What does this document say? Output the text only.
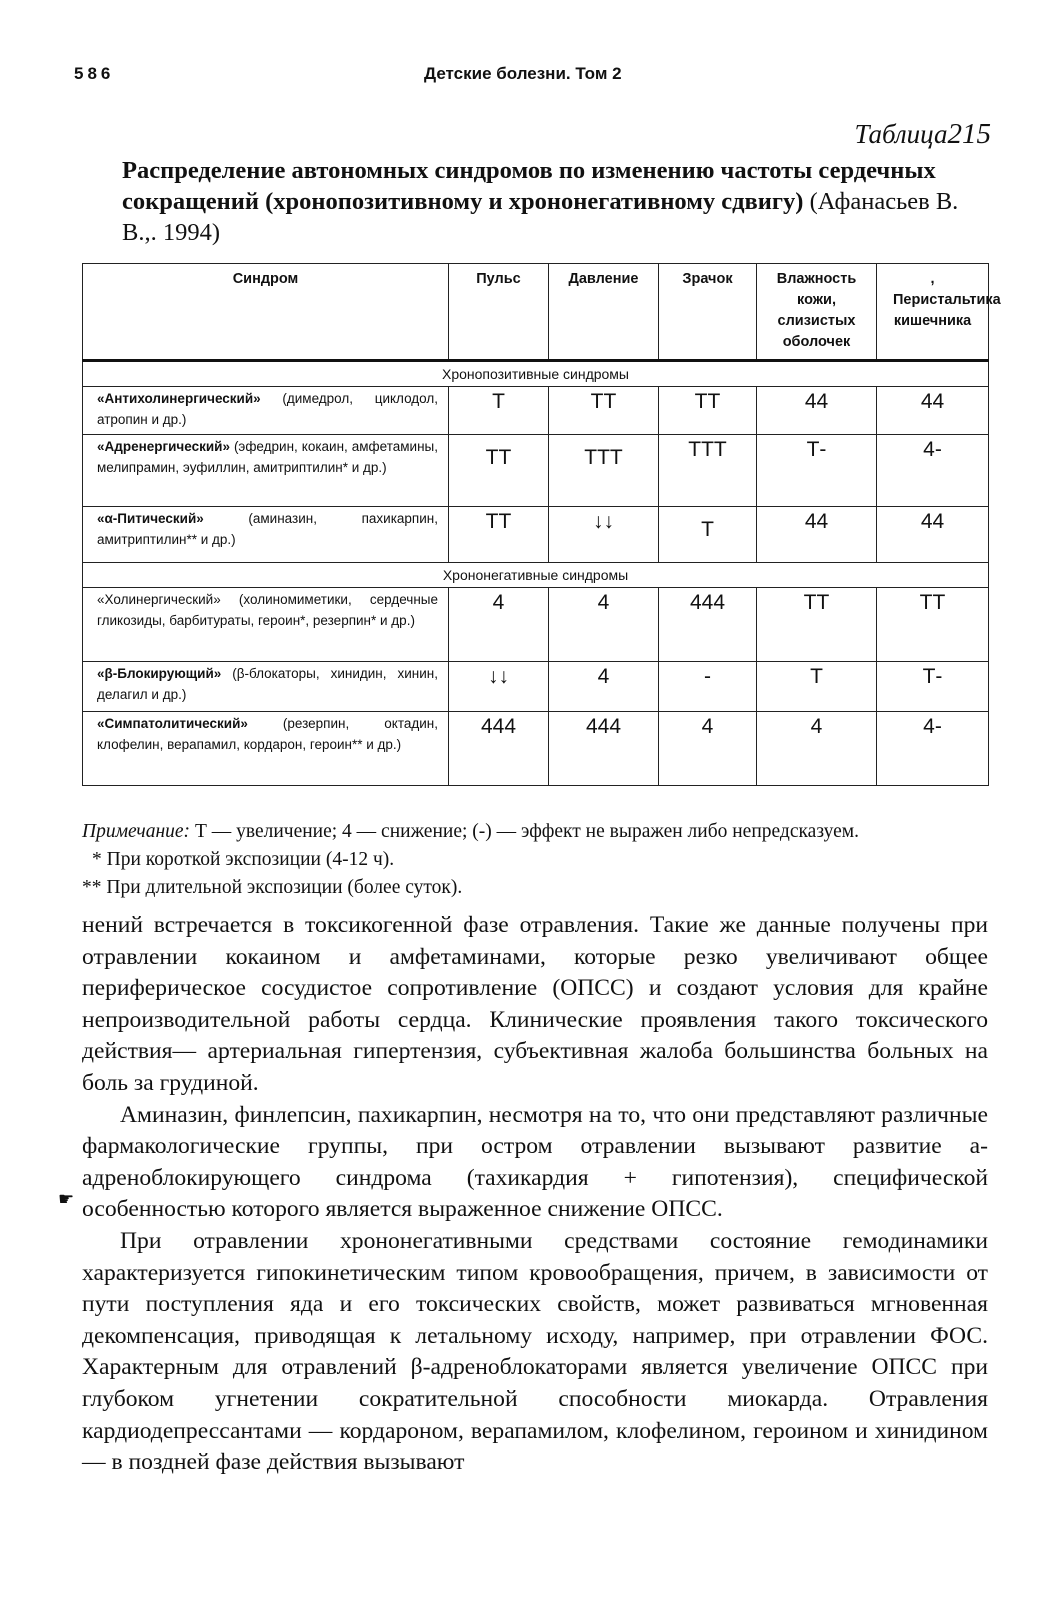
586	Детские болезни. Том 2
Таблица215
Распределение автономных синдромов по изменению частоты сердечных сокращений (хронопозитивному и хрононегативному сдвигу) (Афанасьев В. В.,. 1994)
Синдром	Пульс	Давление	Зрачок	Влажность кожи, слизистых оболочек	, Перистальтика кишечника
Хронопозитивные синдромы					
«Антихолинергический» (димедрол, циклодол, атропин и др.)	Т	ТТ	ТТ	44	44
«Адренергический» (эфедрин, кокаин, амфетамины, мелипрамин, эуфиллин, амитриптилин* и др.)	ТТ	ТТТ	ТТТ	Т-	4-
«α-Питический» (аминазин, пахикарпин, амитриптилин** и др.)	ТТ	↓↓	Т	44	44
Хрононегативные синдромы					
«Холинергический» (холиномиметики, сердечные гликозиды, барбитураты, героин*, резерпин* и др.)	4	4	444	ТТ	ТТ
«β-Блокирующий» (β-блокаторы, хинидин, хинин, делагил и др.)	↓↓	4	-	Т	Т-
«Симпатолитический» (резерпин, октадин, клофелин, верапамил, кордарон, героин** и др.)	444	444	4	4	4-
Примечание: Т — увеличение; 4 — снижение; (-) — эффект не выражен либо непредсказуем.
* При короткой экспозиции (4-12 ч).
** При длительной экспозиции (более суток).
☛

нений встречается в токсикогенной фазе отравления. Такие же данные получены при отравлении кокаином и амфетаминами, которые резко увеличивают общее периферическое сосудистое сопротивление (ОПСС) и создают условия для крайне непроизводительной работы сердца. Клинические проявления такого токсического действия— артериальная гипертензия, субъективная жалоба большинства больных на боль за грудиной.

Аминазин, финлепсин, пахикарпин, несмотря на то, что они представляют различные фармакологические группы, при остром отравлении вызывают развитие а-адреноблокирующего синдрома (тахикардия + гипотензия), специфической особенностью которого является выраженное снижение ОПСС.

При отравлении хрононегативными средствами состояние гемодинамики характеризуется гипокинетическим типом кровообращения, причем, в зависимости от пути поступления яда и его токсических свойств, может развиваться мгновенная декомпенсация, приводящая к летальному исходу, например, при отравлении ФОС. Характерным для отравлений β-адреноблокаторами является увеличение ОПСС при глубоком угнетении сократительной способности миокарда. Отравления кардиодепрессантами — кордароном, верапамилом, клофелином, героином и хинидином — в поздней фазе действия вызывают
